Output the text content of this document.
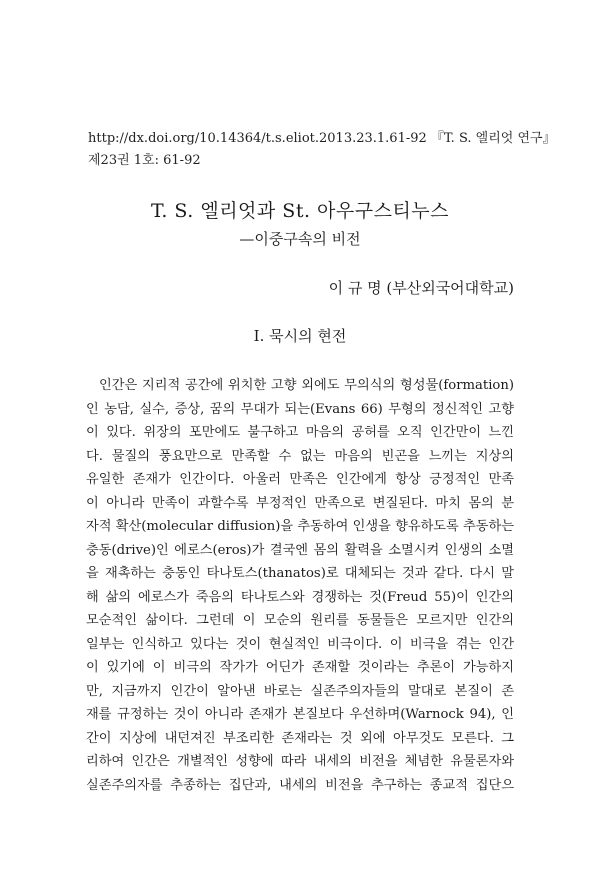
http://dx.doi.org/10.14364/t.s.eliot.2013.23.1.61-92 『T. S. 엘리엇 연구』
제23권 1호: 61-92
T. S. 엘리엇과 St. 아우구스티누스
—이중구속의 비전
이 규 명 (부산외국어대학교)
Ⅰ. 묵시의 현전
인간은 지리적 공간에 위치한 고향 외에도 무의식의 형성물(formation)
인 농담, 실수, 증상, 꿈의 무대가 되는(Evans 66) 무형의 정신적인 고향
이 있다. 위장의 포만에도 불구하고 마음의 공허를 오직 인간만이 느낀
다. 물질의 풍요만으로 만족할 수 없는 마음의 빈곤을 느끼는 지상의
유일한 존재가 인간이다. 아울러 만족은 인간에게 항상 긍정적인 만족
이 아니라 만족이 과할수록 부정적인 만족으로 변질된다. 마치 몸의 분
자적 확산(molecular diffusion)을 추동하여 인생을 향유하도록 추동하는
충동(drive)인 에로스(eros)가 결국엔 몸의 활력을 소멸시켜 인생의 소멸
을 재촉하는 충동인 타나토스(thanatos)로 대체되는 것과 같다. 다시 말
해 삶의 에로스가 죽음의 타나토스와 경쟁하는 것(Freud 55)이 인간의
모순적인 삶이다. 그런데 이 모순의 원리를 동물들은 모르지만 인간의
일부는 인식하고 있다는 것이 현실적인 비극이다. 이 비극을 겪는 인간
이 있기에 이 비극의 작가가 어딘가 존재할 것이라는 추론이 가능하지
만, 지금까지 인간이 알아낸 바로는 실존주의자들의 말대로 본질이 존
재를 규정하는 것이 아니라 존재가 본질보다 우선하며(Warnock 94), 인
간이 지상에 내던져진 부조리한 존재라는 것 외에 아무것도 모른다. 그
리하여 인간은 개별적인 성향에 따라 내세의 비전을 체념한 유물론자와
실존주의자를 추종하는 집단과, 내세의 비전을 추구하는 종교적 집단으
